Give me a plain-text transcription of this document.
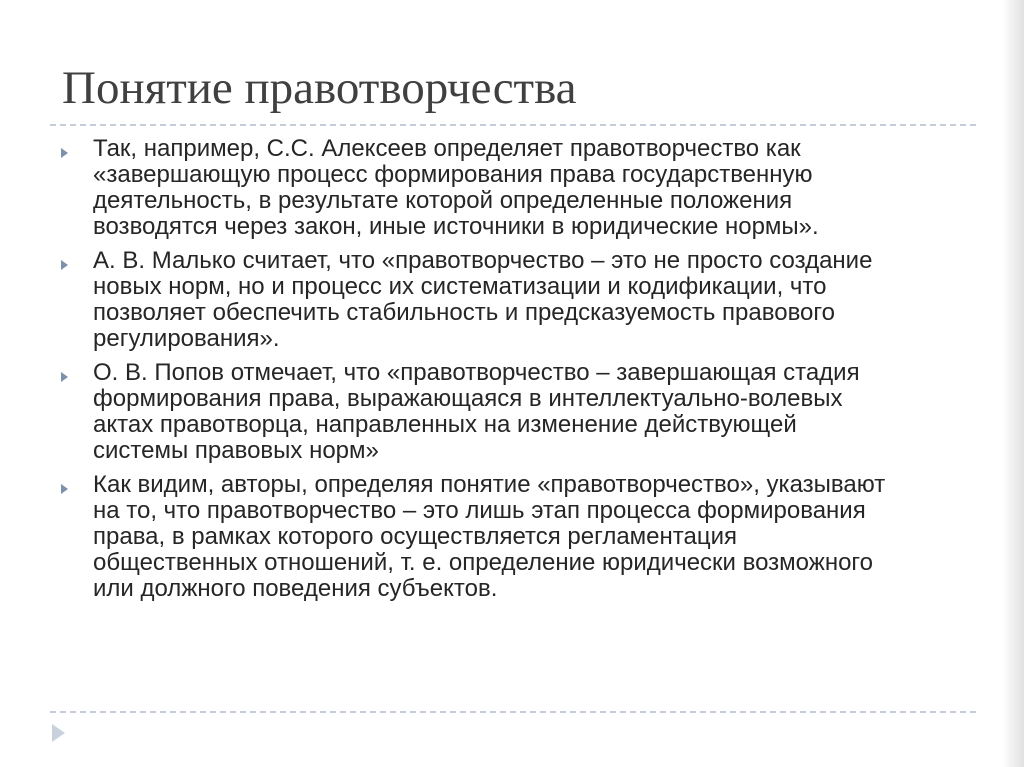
Понятие правотворчества
Так, например, С.С. Алексеев определяет правотворчество как
«завершающую процесс формирования права государственную
деятельность, в результате которой определенные положения
возводятся через закон, иные источники в юридические нормы».
А. В. Малько считает, что «правотворчество – это не просто создание
новых норм, но и процесс их систематизации и кодификации, что
позволяет обеспечить стабильность и предсказуемость правового
регулирования».
О. В. Попов отмечает, что «правотворчество – завершающая стадия
формирования права, выражающаяся в интеллектуально-волевых
актах правотворца, направленных на изменение действующей
системы правовых норм»
Как видим, авторы, определяя понятие «правотворчество», указывают
на то, что правотворчество – это лишь этап процесса формирования
права, в рамках которого осуществляется регламентация
общественных отношений, т. е. определение юридически возможного
или должного поведения субъектов.
